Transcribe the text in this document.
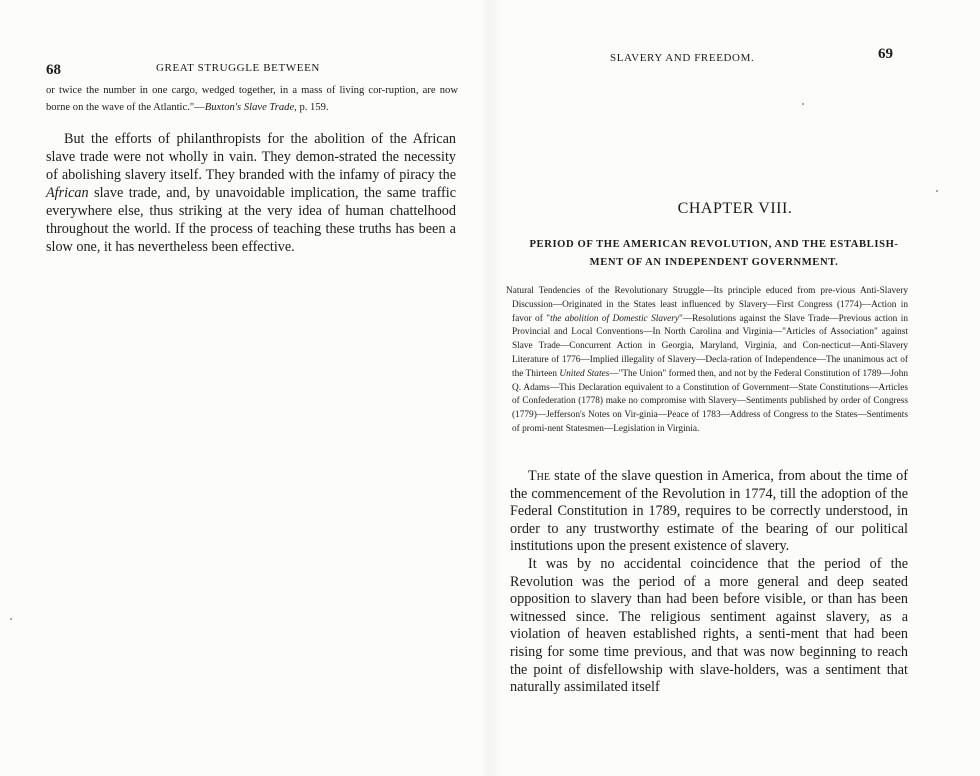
68	GREAT STRUGGLE BETWEEN
or twice the number in one cargo, wedged together, in a mass of living cor-ruption, are now borne on the wave of the Atlantic."—Buxton's Slave Trade, p. 159.

But the efforts of philanthropists for the abolition of the African slave trade were not wholly in vain. They demon-strated the necessity of abolishing slavery itself. They branded with the infamy of piracy the African slave trade, and, by unavoidable implication, the same traffic everywhere else, thus striking at the very idea of human chattelhood throughout the world. If the process of teaching these truths has been a slow one, it has nevertheless been effective.

SLAVERY AND FREEDOM.	69
CHAPTER VIII.
PERIOD OF THE AMERICAN REVOLUTION, AND THE ESTABLISH-
MENT OF AN INDEPENDENT GOVERNMENT.
Natural Tendencies of the Revolutionary Struggle—Its principle educed from pre-vious Anti-Slavery Discussion—Originated in the States least influenced by Slavery—First Congress (1774)—Action in favor of "the abolition of Domestic Slavery"—Resolutions against the Slave Trade—Previous action in Provincial and Local Conventions—In North Carolina and Virginia—"Articles of Association" against Slave Trade—Concurrent Action in Georgia, Maryland, Virginia, and Con-necticut—Anti-Slavery Literature of 1776—Implied illegality of Slavery—Decla-ration of Independence—The unanimous act of the Thirteen United States—"The Union" formed then, and not by the Federal Constitution of 1789—John Q. Adams—This Declaration equivalent to a Constitution of Government—State Constitutions—Articles of Confederation (1778) make no compromise with Slavery—Sentiments published by order of Congress (1779)—Jefferson's Notes on Vir-ginia—Peace of 1783—Address of Congress to the States—Sentiments of promi-nent Statesmen—Legislation in Virginia.

The state of the slave question in America, from about the time of the commencement of the Revolution in 1774, till the adoption of the Federal Constitution in 1789, requires to be correctly understood, in order to any trustworthy estimate of the bearing of our political institutions upon the present existence of slavery.

It was by no accidental coincidence that the period of the Revolution was the period of a more general and deep seated opposition to slavery than had been before visible, or than has been witnessed since. The religious sentiment against slavery, as a violation of heaven established rights, a senti-ment that had been rising for some time previous, and that was now beginning to reach the point of disfellowship with slave-holders, was a sentiment that naturally assimilated itself
